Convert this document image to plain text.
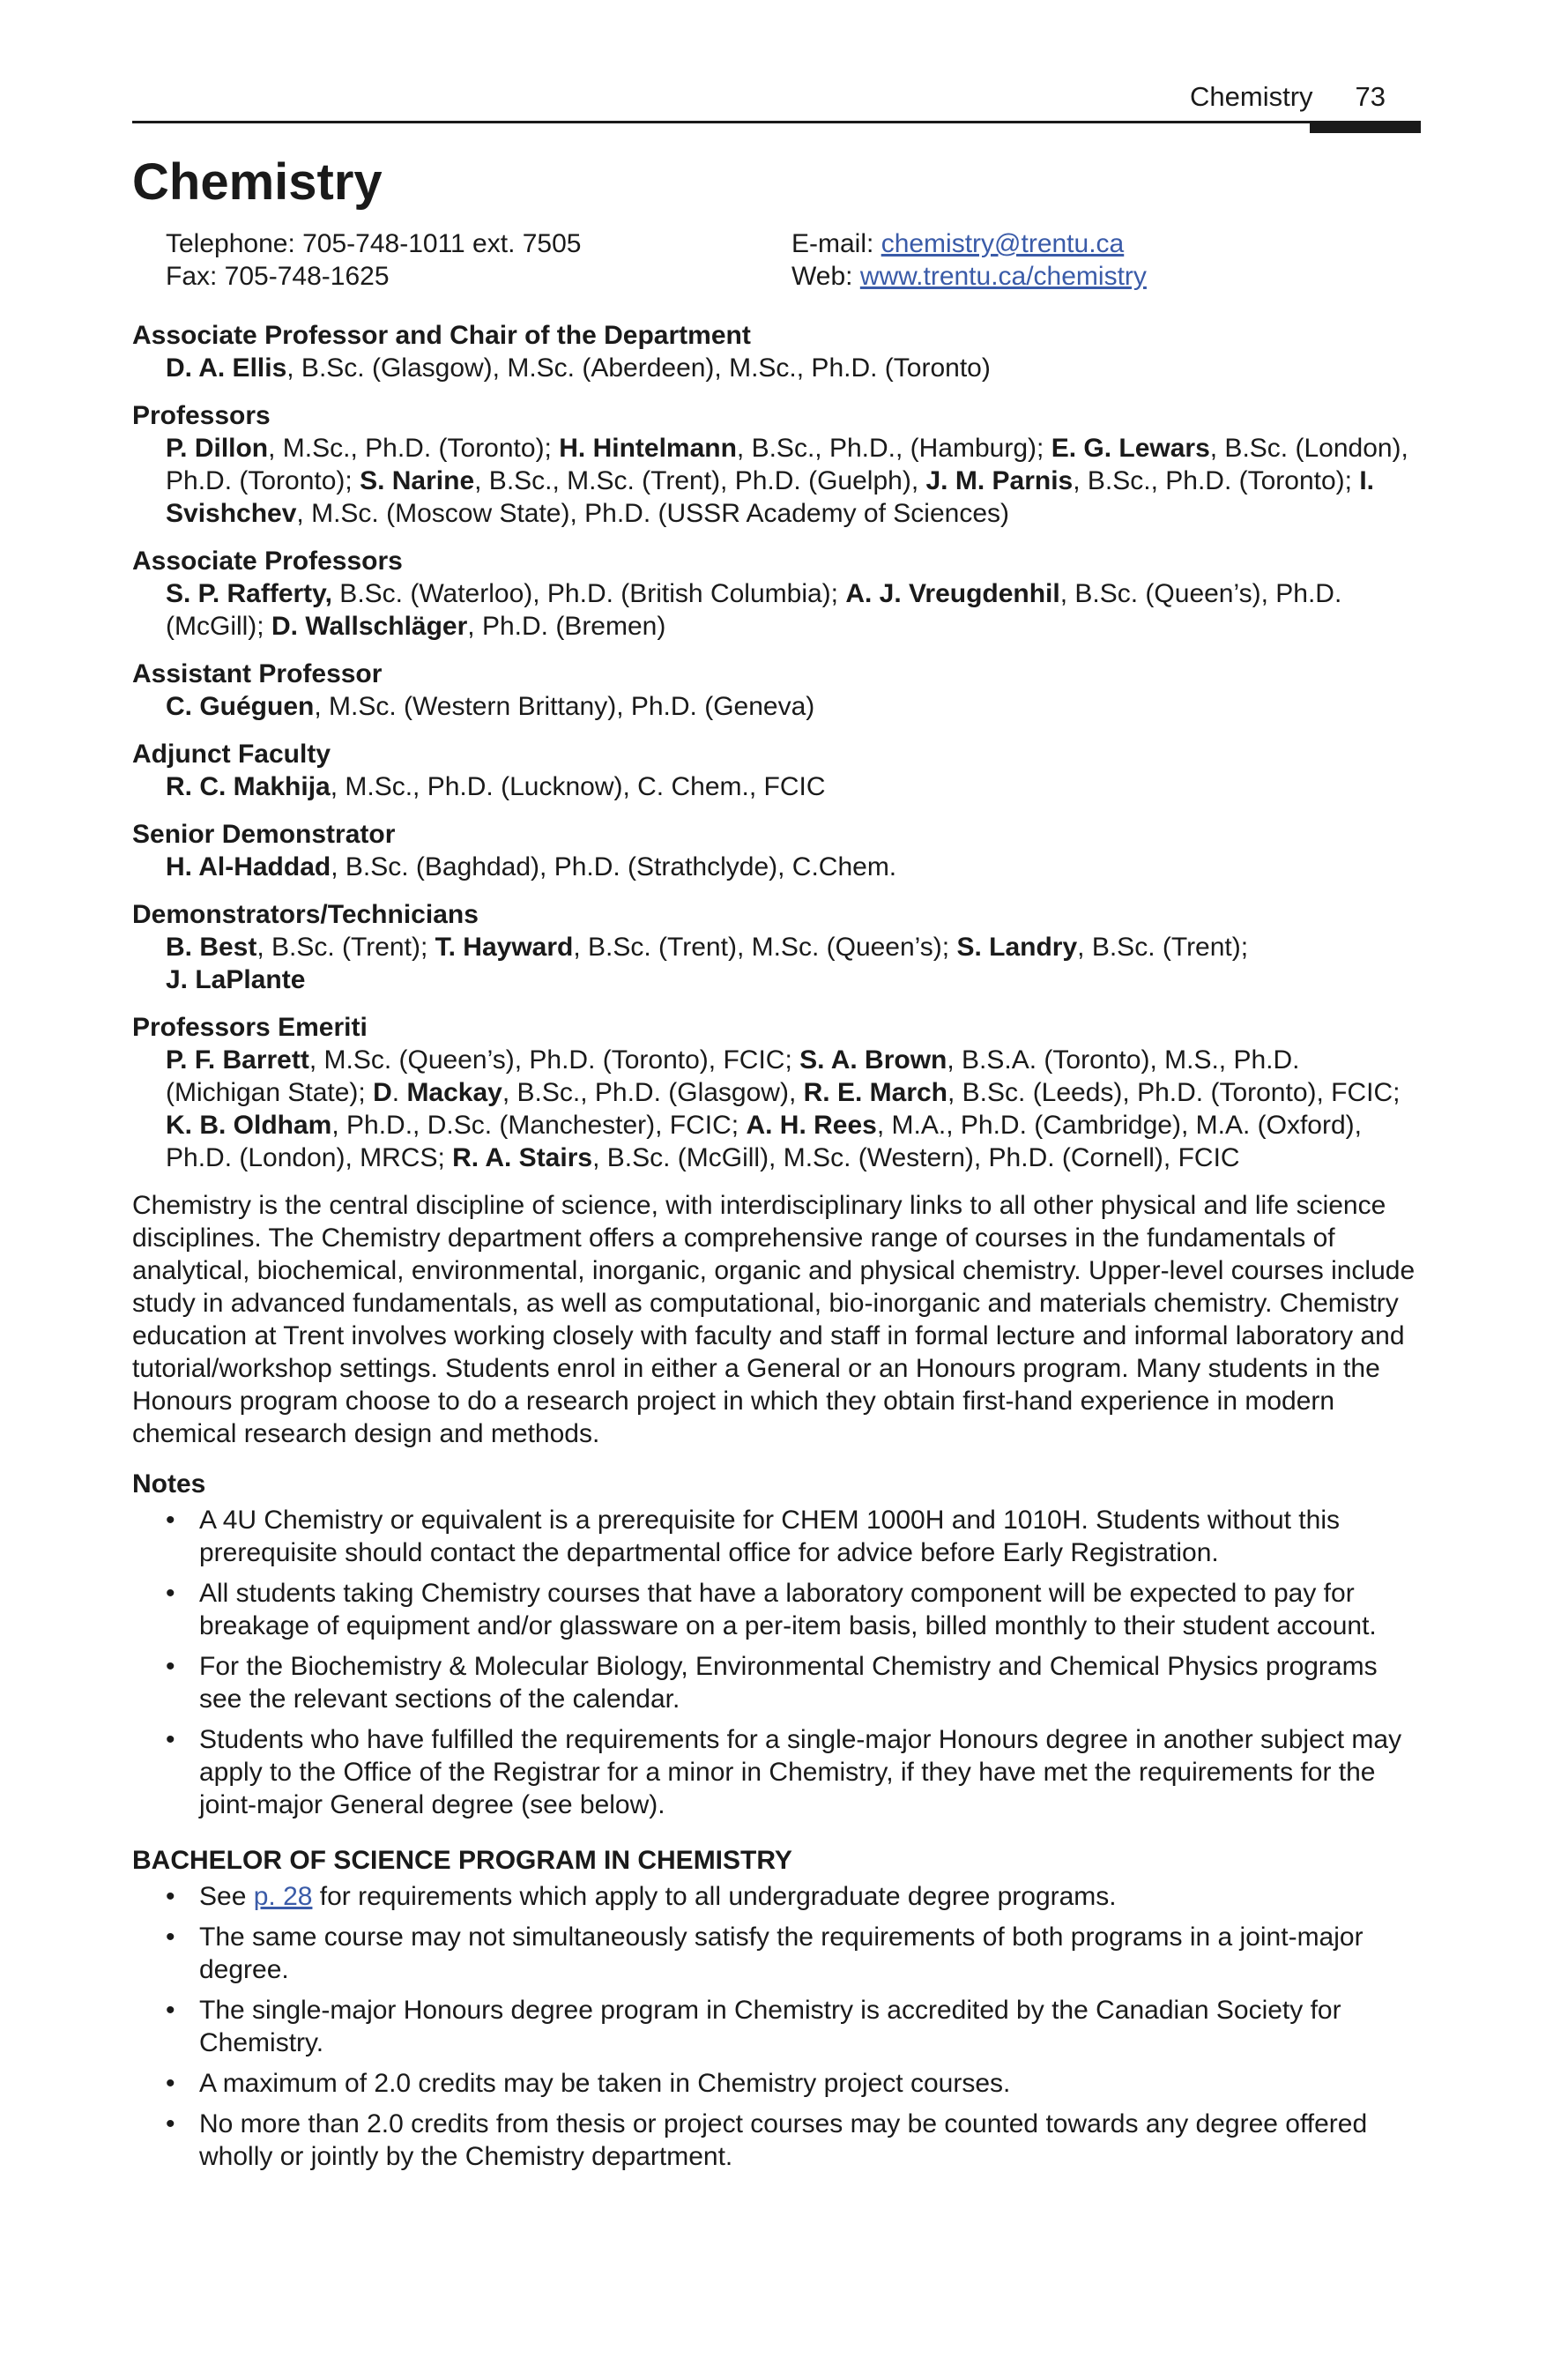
Chemistry 73
Chemistry
Telephone: 705-748-1011 ext. 7505	E-mail: chemistry@trentu.ca
Fax: 705-748-1625	Web: www.trentu.ca/chemistry
Associate Professor and Chair of the Department
D. A. Ellis, B.Sc. (Glasgow), M.Sc. (Aberdeen), M.Sc., Ph.D. (Toronto)
Professors
P. Dillon, M.Sc., Ph.D. (Toronto); H. Hintelmann, B.Sc., Ph.D., (Hamburg); E. G. Lewars, B.Sc. (London), Ph.D. (Toronto); S. Narine, B.Sc., M.Sc. (Trent), Ph.D. (Guelph), J. M. Parnis, B.Sc., Ph.D. (Toronto); I. Svishchev, M.Sc. (Moscow State), Ph.D. (USSR Academy of Sciences)
Associate Professors
S. P. Rafferty, B.Sc. (Waterloo), Ph.D. (British Columbia); A. J. Vreugdenhil, B.Sc. (Queen’s), Ph.D. (McGill); D. Wallschläger, Ph.D. (Bremen)
Assistant Professor
C. Guéguen, M.Sc. (Western Brittany), Ph.D. (Geneva)
Adjunct Faculty
R. C. Makhija, M.Sc., Ph.D. (Lucknow), C. Chem., FCIC
Senior Demonstrator
H. Al-Haddad, B.Sc. (Baghdad), Ph.D. (Strathclyde), C.Chem.
Demonstrators/Technicians
B. Best, B.Sc. (Trent); T. Hayward, B.Sc. (Trent), M.Sc. (Queen’s); S. Landry, B.Sc. (Trent);
J. LaPlante
Professors Emeriti
P. F. Barrett, M.Sc. (Queen’s), Ph.D. (Toronto), FCIC; S. A. Brown, B.S.A. (Toronto), M.S., Ph.D. (Michigan State); D. Mackay, B.Sc., Ph.D. (Glasgow), R. E. March, B.Sc. (Leeds), Ph.D. (Toronto), FCIC; K. B. Oldham, Ph.D., D.Sc. (Manchester), FCIC; A. H. Rees, M.A., Ph.D. (Cambridge), M.A. (Oxford), Ph.D. (London), MRCS; R. A. Stairs, B.Sc. (McGill), M.Sc. (Western), Ph.D. (Cornell), FCIC

Chemistry is the central discipline of science, with interdisciplinary links to all other physical and life science disciplines. The Chemistry department offers a comprehensive range of courses in the fundamentals of analytical, biochemical, environmental, inorganic, organic and physical chemistry. Upper-level courses include study in advanced fundamentals, as well as computational, bio-inorganic and materials chemistry. Chemistry education at Trent involves working closely with faculty and staff in formal lecture and informal laboratory and tutorial/workshop settings. Students enrol in either a General or an Honours program. Many students in the Honours program choose to do a research project in which they obtain first-hand experience in modern chemical research design and methods.

Notes
• A 4U Chemistry or equivalent is a prerequisite for CHEM 1000H and 1010H. Students without this prerequisite should contact the departmental office for advice before Early Registration.
• All students taking Chemistry courses that have a laboratory component will be expected to pay for breakage of equipment and/or glassware on a per-item basis, billed monthly to their student account.
• For the Biochemistry & Molecular Biology, Environmental Chemistry and Chemical Physics programs see the relevant sections of the calendar.
• Students who have fulfilled the requirements for a single-major Honours degree in another subject may apply to the Office of the Registrar for a minor in Chemistry, if they have met the requirements for the joint-major General degree (see below).
BACHELOR OF SCIENCE PROGRAM IN CHEMISTRY
• See p. 28 for requirements which apply to all undergraduate degree programs.
• The same course may not simultaneously satisfy the requirements of both programs in a joint-major degree.
• The single-major Honours degree program in Chemistry is accredited by the Canadian Society for Chemistry.
• A maximum of 2.0 credits may be taken in Chemistry project courses.
• No more than 2.0 credits from thesis or project courses may be counted towards any degree offered wholly or jointly by the Chemistry department.
